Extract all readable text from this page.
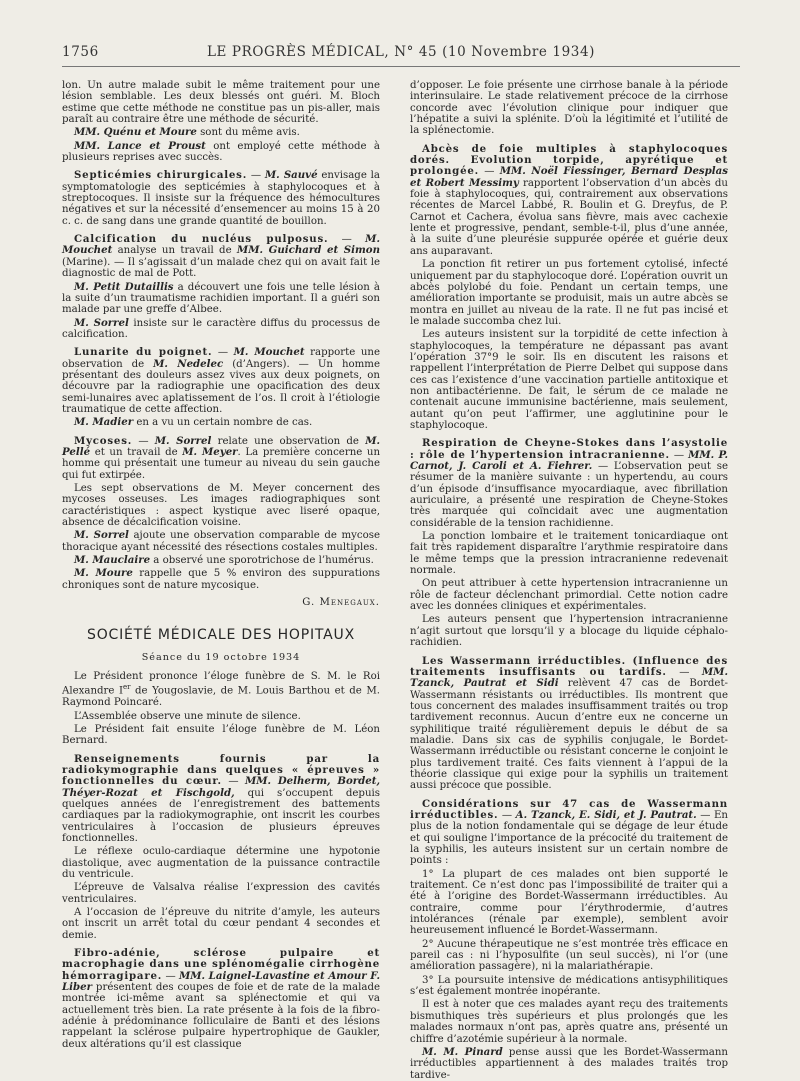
1756	LE PROGRÈS MÉDICAL, N° 45 (10 Novembre 1934)

lon. Un autre malade subit le même traitement pour une lésion semblable. Les deux blessés ont guéri. M. Bloch estime que cette méthode ne constitue pas un pis-aller, mais paraît au contraire être une méthode de sécurité.

MM. Quénu et Moure sont du même avis.

MM. Lance et Proust ont employé cette méthode à plusieurs reprises avec succès.

Septicémies chirurgicales. — M. Sauvé envisage la symptomatologie des septicémies à staphylocoques et à streptocoques. Il insiste sur la fréquence des hémocultures négatives et sur la nécessité d’ensemencer au moins 15 à 20 c. c. de sang dans une grande quantité de bouillon.

Calcification du nucléus pulposus. — M. Mouchet analyse un travail de MM. Guichard et Simon (Marine). — Il s’agissait d’un malade chez qui on avait fait le diagnostic de mal de Pott.

M. Petit Dutaillis a découvert une fois une telle lésion à la suite d’un traumatisme rachidien important. Il a guéri son malade par une greffe d’Albee.

M. Sorrel insiste sur le caractère diffus du processus de calcification.

Lunarite du poignet. — M. Mouchet rapporte une observation de M. Nedelec (d’Angers). — Un homme présentant des douleurs assez vives aux deux poignets, on découvre par la radiographie une opacification des deux semi-lunaires avec aplatissement de l’os. Il croit à l’étiologie traumatique de cette affection.

M. Madier en a vu un certain nombre de cas.

Mycoses. — M. Sorrel relate une observation de M. Pellé et un travail de M. Meyer. La première concerne un homme qui présentait une tumeur au niveau du sein gauche qui fut extirpée.

Les sept observations de M. Meyer concernent des mycoses osseuses. Les images radiographiques sont caractéristiques : aspect kystique avec liseré opaque, absence de décalcification voisine.

M. Sorrel ajoute une observation comparable de mycose thoracique ayant nécessité des résections costales multiples.

M. Mauclaire a observé une sporotrichose de l’humérus.

M. Moure rappelle que 5 % environ des suppurations chroniques sont de nature mycosique.

G. Menegaux.
SOCIÉTÉ MÉDICALE DES HOPITAUX
Séance du 19 octobre 1934

Le Président prononce l’éloge funèbre de S. M. le Roi Alexandre Ier de Yougoslavie, de M. Louis Barthou et de M. Raymond Poincaré.

L’Assemblée observe une minute de silence.

Le Président fait ensuite l’éloge funèbre de M. Léon Bernard.

Renseignements fournis par la radiokymographie dans quelques « épreuves » fonctionnelles du cœur. — MM. Delherm, Bordet, Théyer-Rozat et Fischgold, qui s’occupent depuis quelques années de l’enregistrement des battements cardiaques par la radiokymographie, ont inscrit les courbes ventriculaires à l’occasion de plusieurs épreuves fonctionnelles.

Le réflexe oculo-cardiaque détermine une hypotonie diastolique, avec augmentation de la puissance contractile du ventricule.

L’épreuve de Valsalva réalise l’expression des cavités ventriculaires.

A l’occasion de l’épreuve du nitrite d’amyle, les auteurs ont inscrit un arrêt total du cœur pendant 4 secondes et demie.

Fibro-adénie, sclérose pulpaire et macrophagie dans une splénomégalie cirrhogène hémorragipare. — MM. Laignel-Lavastine et Amour F. Liber présentent des coupes de foie et de rate de la malade montrée ici-même avant sa splénectomie et qui va actuellement très bien. La rate présente à la fois de la fibro-adénie à prédominance folliculaire de Banti et des lésions rappelant la sclérose pulpaire hypertrophique de Gaukler, deux altérations qu’il est classique

d’opposer. Le foie présente une cirrhose banale à la période interinsulaire. Le stade relativement précoce de la cirrhose concorde avec l’évolution clinique pour indiquer que l’hépatite a suivi la splénite. D’où la légitimité et l’utilité de la splénectomie.

Abcès de foie multiples à staphylocoques dorés. Evolution torpide, apyrétique et prolongée. — MM. Noël Fiessinger, Bernard Desplas et Robert Messimy rapportent l’observation d’un abcès du foie à staphylocoques, qui, contrairement aux observations récentes de Marcel Labbé, R. Boulin et G. Dreyfus, de P. Carnot et Cachera, évolua sans fièvre, mais avec cachexie lente et progressive, pendant, semble-t-il, plus d’une année, à la suite d’une pleurésie suppurée opérée et guérie deux ans auparavant.

La ponction fit retirer un pus fortement cytolisé, infecté uniquement par du staphylocoque doré. L’opération ouvrit un abcès polylobé du foie. Pendant un certain temps, une amélioration importante se produisit, mais un autre abcès se montra en juillet au niveau de la rate. Il ne fut pas incisé et le malade succomba chez lui.

Les auteurs insistent sur la torpidité de cette infection à staphylocoques, la température ne dépassant pas avant l’opération 37°9 le soir. Ils en discutent les raisons et rappellent l’interprétation de Pierre Delbet qui suppose dans ces cas l’existence d’une vaccination partielle antitoxique et non antibactérienne. De fait, le sérum de ce malade ne contenait aucune immunisine bactérienne, mais seulement, autant qu’on peut l’affirmer, une agglutinine pour le staphylocoque.

Respiration de Cheyne-Stokes dans l’asystolie : rôle de l’hypertension intracranienne. — MM. P. Carnot, J. Caroli et A. Fiehrer. — L’observation peut se résumer de la manière suivante : un hypertendu, au cours d’un épisode d’insuffisance myocardiaque, avec fibrillation auriculaire, a présenté une respiration de Cheyne-Stokes très marquée qui coïncidait avec une augmentation considérable de la tension rachidienne.

La ponction lombaire et le traitement tonicardiaque ont fait très rapidement disparaître l’arythmie respiratoire dans le même temps que la pression intracranienne redevenait normale.

On peut attribuer à cette hypertension intracranienne un rôle de facteur déclenchant primordial. Cette notion cadre avec les données cliniques et expérimentales.

Les auteurs pensent que l’hypertension intracranienne n’agit surtout que lorsqu’il y a blocage du liquide céphalo-rachidien.

Les Wassermann irréductibles. (Influence des traitements insuffisants ou tardifs. — MM. Tzanck, Pautrat et Sidi relèvent 47 cas de Bordet-Wassermann résistants ou irréductibles. Ils montrent que tous concernent des malades insuffisamment traités ou trop tardivement reconnus. Aucun d’entre eux ne concerne un syphilitique traité régulièrement depuis le début de sa maladie. Dans six cas de syphilis conjugale, le Bordet-Wassermann irréductible ou résistant concerne le conjoint le plus tardivement traité. Ces faits viennent à l’appui de la théorie classique qui exige pour la syphilis un traitement aussi précoce que possible.

Considérations sur 47 cas de Wassermann irréductibles. — A. Tzanck, E. Sidi, et J. Pautrat. — En plus de la notion fondamentale qui se dégage de leur étude et qui souligne l’importance de la précocité du traitement de la syphilis, les auteurs insistent sur un certain nombre de points :

1° La plupart de ces malades ont bien supporté le traitement. Ce n’est donc pas l’impossibilité de traiter qui a été à l’origine des Bordet-Wassermann irréductibles. Au contraire, comme pour l’érythrodermie, d’autres intolérances (rénale par exemple), semblent avoir heureusement influencé le Bordet-Wassermann.

2° Aucune thérapeutique ne s’est montrée très efficace en pareil cas : ni l’hyposulfite (un seul succès), ni l’or (une amélioration passagère), ni la malariathérapie.

3° La poursuite intensive de médications antisyphilitiques s’est également montrée inopérante.

Il est à noter que ces malades ayant reçu des traitements bismuthiques très supérieurs et plus prolongés que les malades normaux n’ont pas, après quatre ans, présenté un chiffre d’azotémie supérieur à la normale.

M. M. Pinard pense aussi que les Bordet-Wassermann irréductibles appartiennent à des malades traités trop tardive-
